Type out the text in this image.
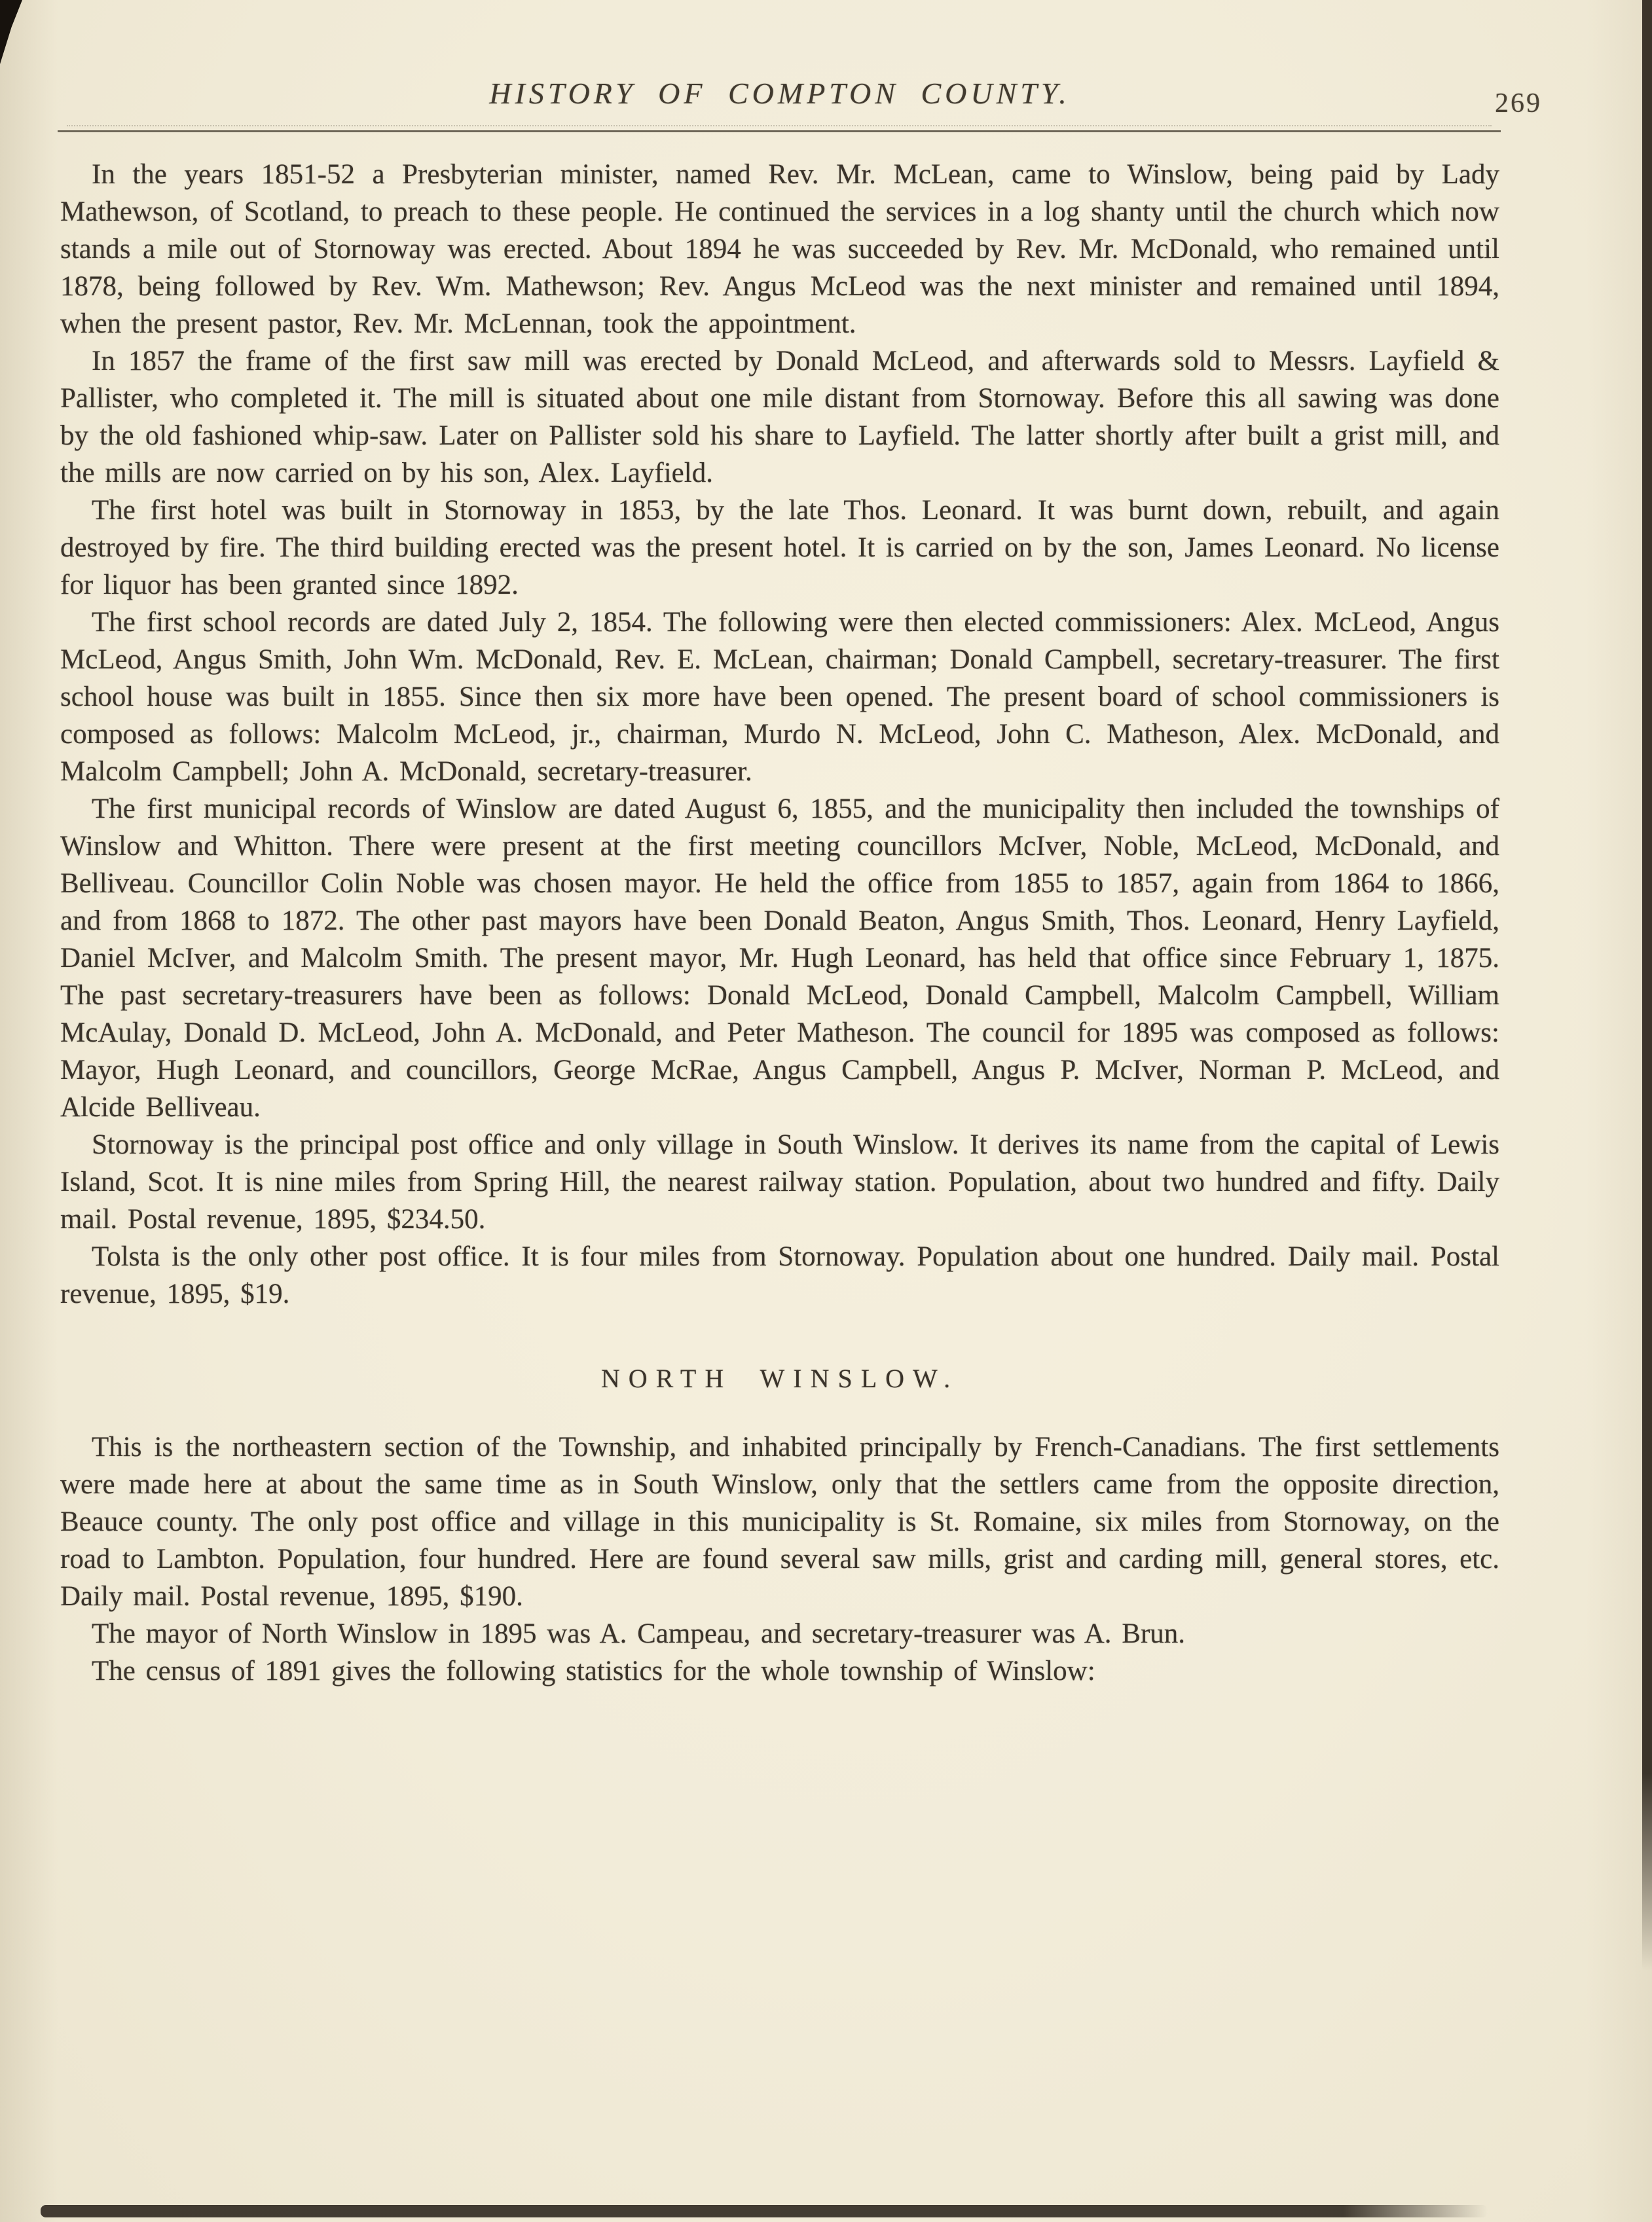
HISTORY OF COMPTON COUNTY.	269

In the years 1851-52 a Presbyterian minister, named Rev. Mr. McLean, came to Winslow, being paid by Lady Mathewson, of Scotland, to preach to these people. He continued the services in a log shanty until the church which now stands a mile out of Stornoway was erected. About 1894 he was succeeded by Rev. Mr. McDonald, who remained until 1878, being followed by Rev. Wm. Mathewson; Rev. Angus McLeod was the next minister and remained until 1894, when the present pastor, Rev. Mr. McLennan, took the appointment.

In 1857 the frame of the first saw mill was erected by Donald McLeod, and afterwards sold to Messrs. Layfield & Pallister, who completed it. The mill is situated about one mile distant from Stornoway. Before this all sawing was done by the old fashioned whip-saw. Later on Pallister sold his share to Layfield. The latter shortly after built a grist mill, and the mills are now carried on by his son, Alex. Layfield.

The first hotel was built in Stornoway in 1853, by the late Thos. Leonard. It was burnt down, rebuilt, and again destroyed by fire. The third building erected was the present hotel. It is carried on by the son, James Leonard. No license for liquor has been granted since 1892.

The first school records are dated July 2, 1854. The following were then elected commissioners: Alex. McLeod, Angus McLeod, Angus Smith, John Wm. McDonald, Rev. E. McLean, chairman; Donald Campbell, secretary-treasurer. The first school house was built in 1855. Since then six more have been opened. The present board of school commissioners is composed as follows: Malcolm McLeod, jr., chairman, Murdo N. McLeod, John C. Matheson, Alex. McDonald, and Malcolm Campbell; John A. McDonald, secretary-treasurer.

The first municipal records of Winslow are dated August 6, 1855, and the municipality then included the townships of Winslow and Whitton. There were present at the first meeting councillors McIver, Noble, McLeod, McDonald, and Belliveau. Councillor Colin Noble was chosen mayor. He held the office from 1855 to 1857, again from 1864 to 1866, and from 1868 to 1872. The other past mayors have been Donald Beaton, Angus Smith, Thos. Leonard, Henry Layfield, Daniel McIver, and Malcolm Smith. The present mayor, Mr. Hugh Leonard, has held that office since February 1, 1875. The past secretary-treasurers have been as follows: Donald McLeod, Donald Campbell, Malcolm Campbell, William McAulay, Donald D. McLeod, John A. McDonald, and Peter Matheson. The council for 1895 was composed as follows: Mayor, Hugh Leonard, and councillors, George McRae, Angus Campbell, Angus P. McIver, Norman P. McLeod, and Alcide Belliveau.

Stornoway is the principal post office and only village in South Winslow. It derives its name from the capital of Lewis Island, Scot. It is nine miles from Spring Hill, the nearest railway station. Population, about two hundred and fifty. Daily mail. Postal revenue, 1895, $234.50.

Tolsta is the only other post office. It is four miles from Stornoway. Population about one hundred. Daily mail. Postal revenue, 1895, $19.

NORTH WINSLOW.

This is the northeastern section of the Township, and inhabited principally by French-Canadians. The first settlements were made here at about the same time as in South Winslow, only that the settlers came from the opposite direction, Beauce county. The only post office and village in this municipality is St. Romaine, six miles from Stornoway, on the road to Lambton. Population, four hundred. Here are found several saw mills, grist and carding mill, general stores, etc. Daily mail. Postal revenue, 1895, $190.

The mayor of North Winslow in 1895 was A. Campeau, and secretary-treasurer was A. Brun.

The census of 1891 gives the following statistics for the whole township of Winslow:
